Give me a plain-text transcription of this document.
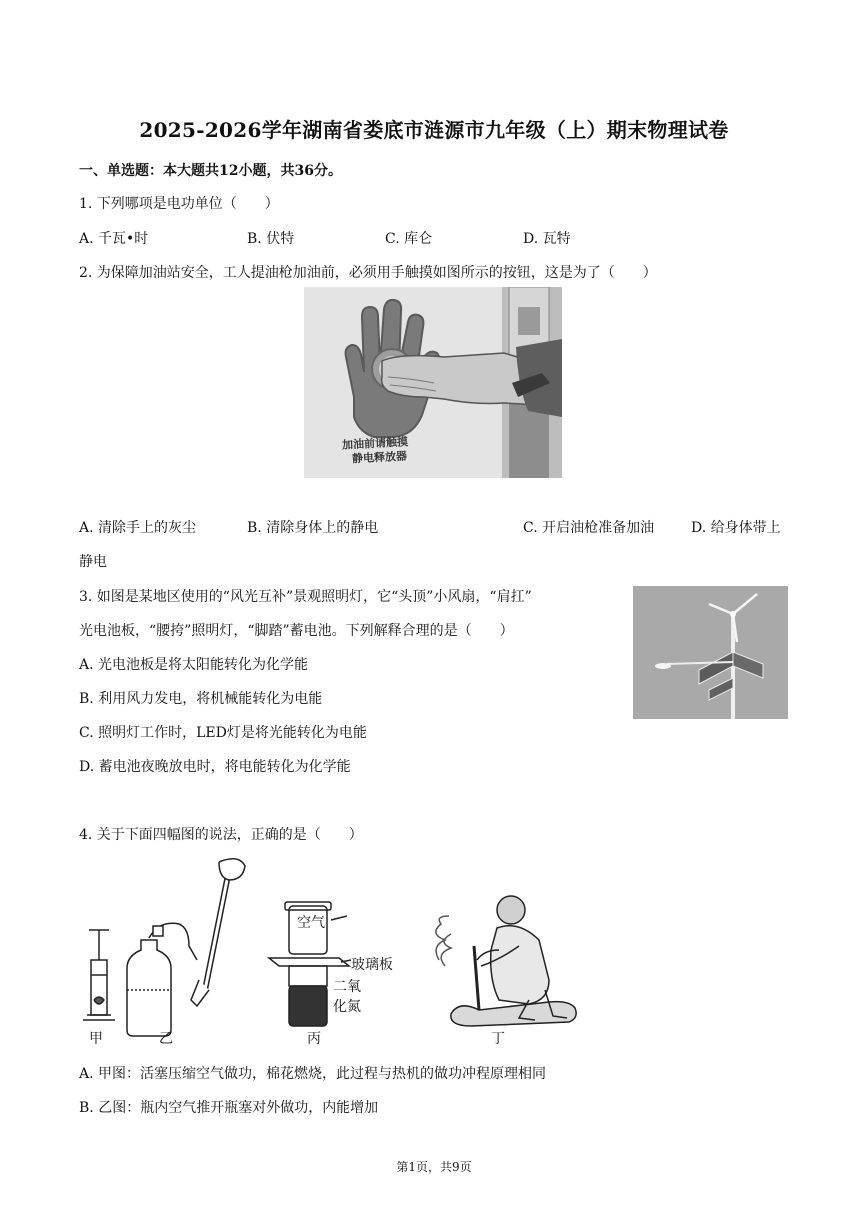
2025-2026学年湖南省娄底市涟源市九年级（上）期末物理试卷
一、单选题：本大题共12小题，共36分。
1. 下列哪项是电功单位（　　）
A. 千瓦•时	B. 伏特	C. 库仑	D. 瓦特
2. 为保障加油站安全，工人提油枪加油前，必须用手触摸如图所示的按钮，这是为了（　　）
加油前请触摸
静电释放器
A. 清除手上的灰尘	B. 清除身体上的静电	C. 开启油枪准备加油	D. 给身体带上
静电
3. 如图是某地区使用的“风光互补”景观照明灯，它“头顶”小风扇，“肩扛”
光电池板，“腰挎”照明灯，“脚踏”蓄电池。下列解释合理的是（　　）
A. 光电池板是将太阳能转化为化学能
B. 利用风力发电，将机械能转化为电能
C. 照明灯工作时，LED灯是将光能转化为电能
D. 蓄电池夜晚放电时，将电能转化为化学能
4. 关于下面四幅图的说法，正确的是（　　）
空气
玻璃板
二氧
化氮
甲	乙	丙	丁
A. 甲图：活塞压缩空气做功，棉花燃烧，此过程与热机的做功冲程原理相同
B. 乙图：瓶内空气推开瓶塞对外做功，内能增加
第1页，共9页
